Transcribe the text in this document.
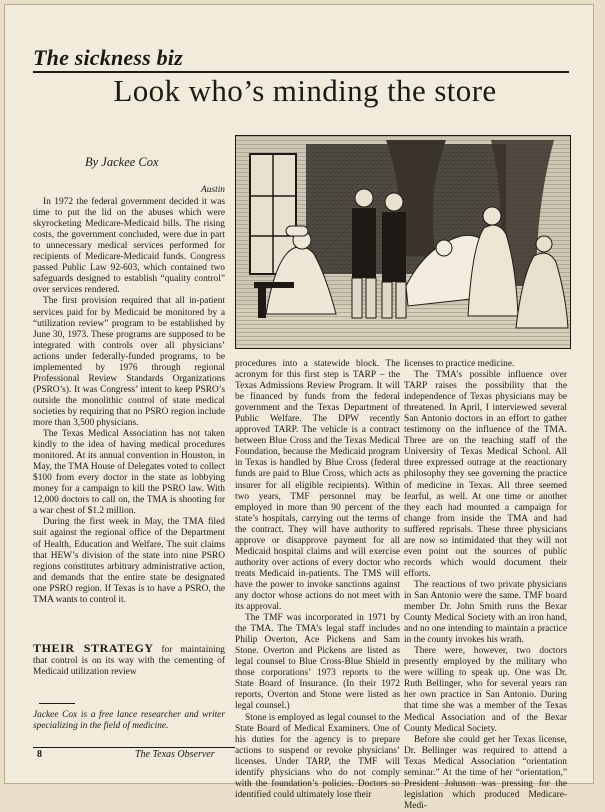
The sickness biz
Look who’s minding the store
By Jackee Cox
Austin

In 1972 the federal government decided it was time to put the lid on the abuses which were skyrocketing Medicare-Medicaid bills. The rising costs, the government concluded, were due in part to unnecessary medical services performed for recipients of Medicare-Medicaid funds. Congress passed Public Law 92-603, which contained two safeguards designed to establish “quality control” over services rendered.

The first provision required that all in-patient services paid for by Medicaid be monitored by a “utilization review” program to be established by June 30, 1973. These programs are supposed to be integrated with controls over all physicians’ actions under federally-funded programs, to be implemented by 1976 through regional Professional Review Standards Organizations (PSRO’s). It was Congress’ intent to keep PSRO’s outside the monolithic control of state medical societies by requiring that no PSRO region include more than 3,500 physicians.

The Texas Medical Association has not taken kindly to the idea of having medical procedures monitored. At its annual convention in Houston, in May, the TMA House of Delegates voted to collect $100 from every doctor in the state as lobbying money for a campaign to kill the PSRO law. With 12,000 doctors to call on, the TMA is shooting for a war chest of $1.2 million.

During the first week in May, the TMA filed suit against the regional office of the Department of Health, Education and Welfare. The suit claims that HEW’s division of the state into nine PSRO regions constitutes arbitrary administrative action, and demands that the entire state be designated one PSRO region. If Texas is to have a PSRO, the TMA wants to control it.

THEIR STRATEGY for maintaining that control is on its way with the cementing of Medicaid utilization review
Jackee Cox is a free lance researcher and writer specializing in the field of medicine.

procedures into a statewide block. The acronym for this first step is TARP – the Texas Admissions Review Program. It will be financed by funds from the federal government and the Texas Department of Public Welfare. The DPW recently approved TARP. The vehicle is a contract between Blue Cross and the Texas Medical Foundation, because the Medicaid program in Texas is handled by Blue Cross (federal funds are paid to Blue Cross, which acts as insurer for all eligible recipients). Within two years, TMF personnel may be employed in more than 90 percent of the state’s hospitals, carrying out the terms of the contract. They will have authority to approve or disapprove payment for all Medicaid hospital claims and will exercise authority over actions of every doctor who treats Medicaid in-patients. The TMS will have the power to invoke sanctions against any doctor whose actions do not meet with its approval.

The TMF was incorporated in 1971 by the TMA. The TMA’s legal staff includes Philip Overton, Ace Pickens and Sam Stone. Overton and Pickens are listed as legal counsel to Blue Cross-Blue Shield in those corporations’ 1973 reports to the State Board of Insurance. (In their 1972 reports, Overton and Stone were listed as legal counsel.)

Stone is employed as legal counsel to the State Board of Medical Examiners. One of his duties for the agency is to prepare actions to suspend or revoke physicians’ licenses. Under TARP, the TMF will identify physicians who do not comply with the foundation’s policies. Doctors so identified could ultimately lose their

licenses to practice medicine.

The TMA’s possible influence over TARP raises the possibility that the independence of Texas physicians may be threatened. In April, I interviewed several San Antonio doctors in an effort to gather testimony on the influence of the TMA. Three are on the teaching staff of the University of Texas Medical School. All three expressed outrage at the reactionary philosophy they see governing the practice of medicine in Texas. All three seemed fearful, as well. At one time or another they each had mounted a campaign for change from inside the TMA and had suffered reprisals. These three physicians are now so intimidated that they will not even point out the sources of public records which would document their efforts.

The reactions of two private physicians in San Antonio were the same. TMF board member Dr. John Smith runs the Bexar County Medical Society with an iron hand, and no one intending to maintain a practice in the county invokes his wrath.

There were, however, two doctors presently employed by the military who were willing to speak up. One was Dr. Ruth Bellinger, who for several years ran her own practice in San Antonio. During that time she was a member of the Texas Medical Association and of the Bexar County Medical Society.

Before she could get her Texas license, Dr. Bellinger was required to attend a Texas Medical Association “orientation seminar.” At the time of her “orientation,” President Johnson was pressing for the legislation which produced Medicare-Medi-

8	The Texas Observer
